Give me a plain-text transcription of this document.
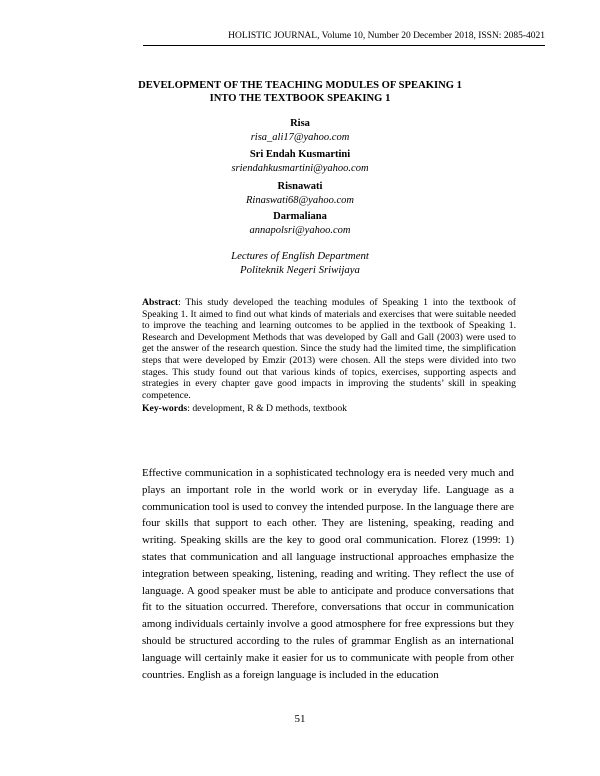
HOLISTIC JOURNAL, Volume 10, Number 20 December 2018, ISSN: 2085-4021
DEVELOPMENT OF THE TEACHING MODULES OF SPEAKING 1
INTO THE TEXTBOOK SPEAKING 1
Risa
risa_ali17@yahoo.com
Sri Endah Kusmartini
sriendahkusmartini@yahoo.com
Risnawati
Rinaswati68@yahoo.com
Darmaliana
annapolsri@yahoo.com
Lectures of English Department
Politeknik Negeri Sriwijaya
Abstract: This study developed the teaching modules of Speaking 1 into the textbook of Speaking 1. It aimed to find out what kinds of materials and exercises that were suitable needed to improve the teaching and learning outcomes to be applied in the textbook of Speaking 1. Research and Development Methods that was developed by Gall and Gall (2003) were used to get the answer of the research question. Since the study had the limited time, the simplification steps that were developed by Emzir (2013) were chosen. All the steps were divided into two stages. This study found out that various kinds of topics, exercises, supporting aspects and strategies in every chapter gave good impacts in improving the students’ skill in speaking competence.
Key-words: development, R & D methods, textbook
Effective communication in a sophisticated technology era is needed very much and plays an important role in the world work or in everyday life. Language as a communication tool is used to convey the intended purpose. In the language there are four skills that support to each other. They are listening, speaking, reading and writing. Speaking skills are the key to good oral communication. Florez (1999: 1) states that communication and all language instructional approaches emphasize the integration between speaking, listening, reading and writing. They reflect the use of language. A good speaker must be able to anticipate and produce conversations that fit to the situation occurred. Therefore, conversations that occur in communication among individuals certainly involve a good atmosphere for free expressions but they should be structured according to the rules of grammar English as an international language will certainly make it easier for us to communicate with people from other countries. English as a foreign language is included in the education
51
